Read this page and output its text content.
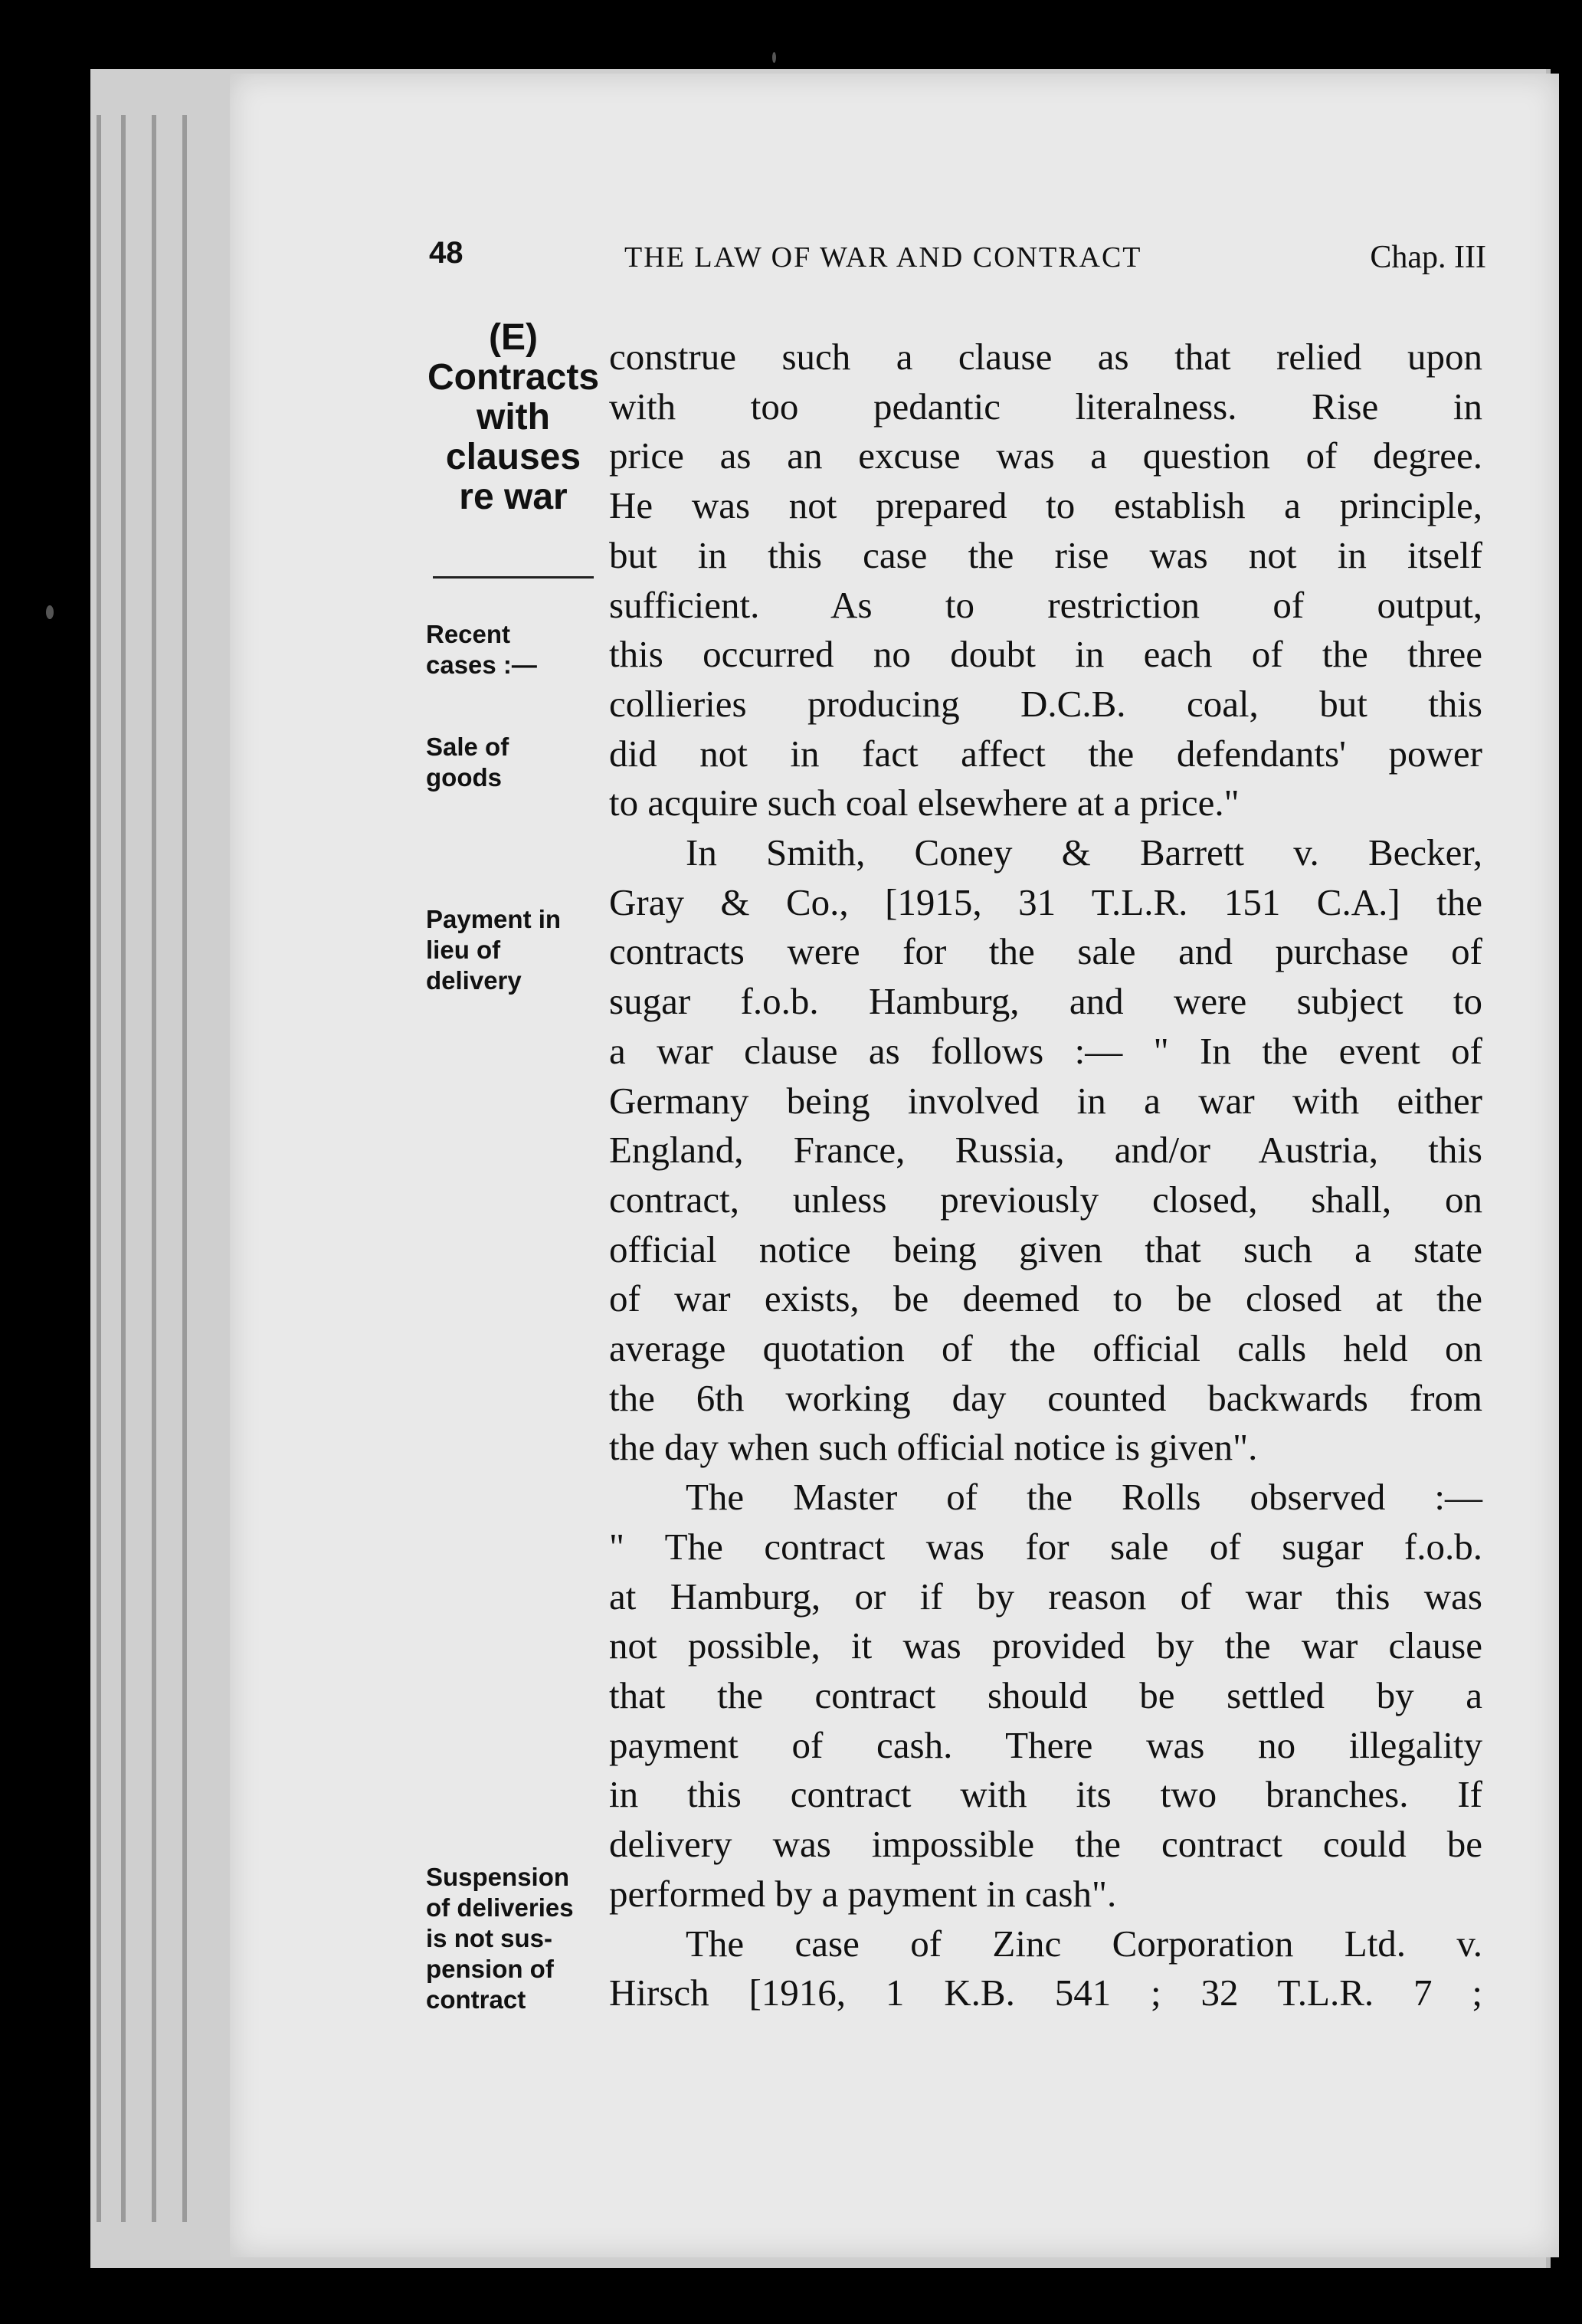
48	THE LAW OF WAR AND CONTRACT	Chap. III
(E)
Contracts
with
clauses
re war
Recent
cases :—
Sale of
goods
Payment in
lieu of
delivery
Suspension
of deliveries
is not sus-
pension of
contract
construe such a clause as that relied upon
with too pedantic literalness. Rise in
price as an excuse was a question of degree.
He was not prepared to establish a principle,
but in this case the rise was not in itself
sufficient. As to restriction of output,
this occurred no doubt in each of the three
collieries producing D.C.B. coal, but this
did not in fact affect the defendants' power
to acquire such coal elsewhere at a price."
In Smith, Coney & Barrett v. Becker,
Gray & Co., [1915, 31 T.L.R. 151 C.A.] the
contracts were for the sale and purchase of
sugar f.o.b. Hamburg, and were subject to
a war clause as follows :— " In the event of
Germany being involved in a war with either
England, France, Russia, and/or Austria, this
contract, unless previously closed, shall, on
official notice being given that such a state
of war exists, be deemed to be closed at the
average quotation of the official calls held on
the 6th working day counted backwards from
the day when such official notice is given".
The Master of the Rolls observed :—
" The contract was for sale of sugar f.o.b.
at Hamburg, or if by reason of war this was
not possible, it was provided by the war clause
that the contract should be settled by a
payment of cash. There was no illegality
in this contract with its two branches. If
delivery was impossible the contract could be
performed by a payment in cash".
The case of Zinc Corporation Ltd. v.
Hirsch [1916, 1 K.B. 541 ; 32 T.L.R. 7 ;
